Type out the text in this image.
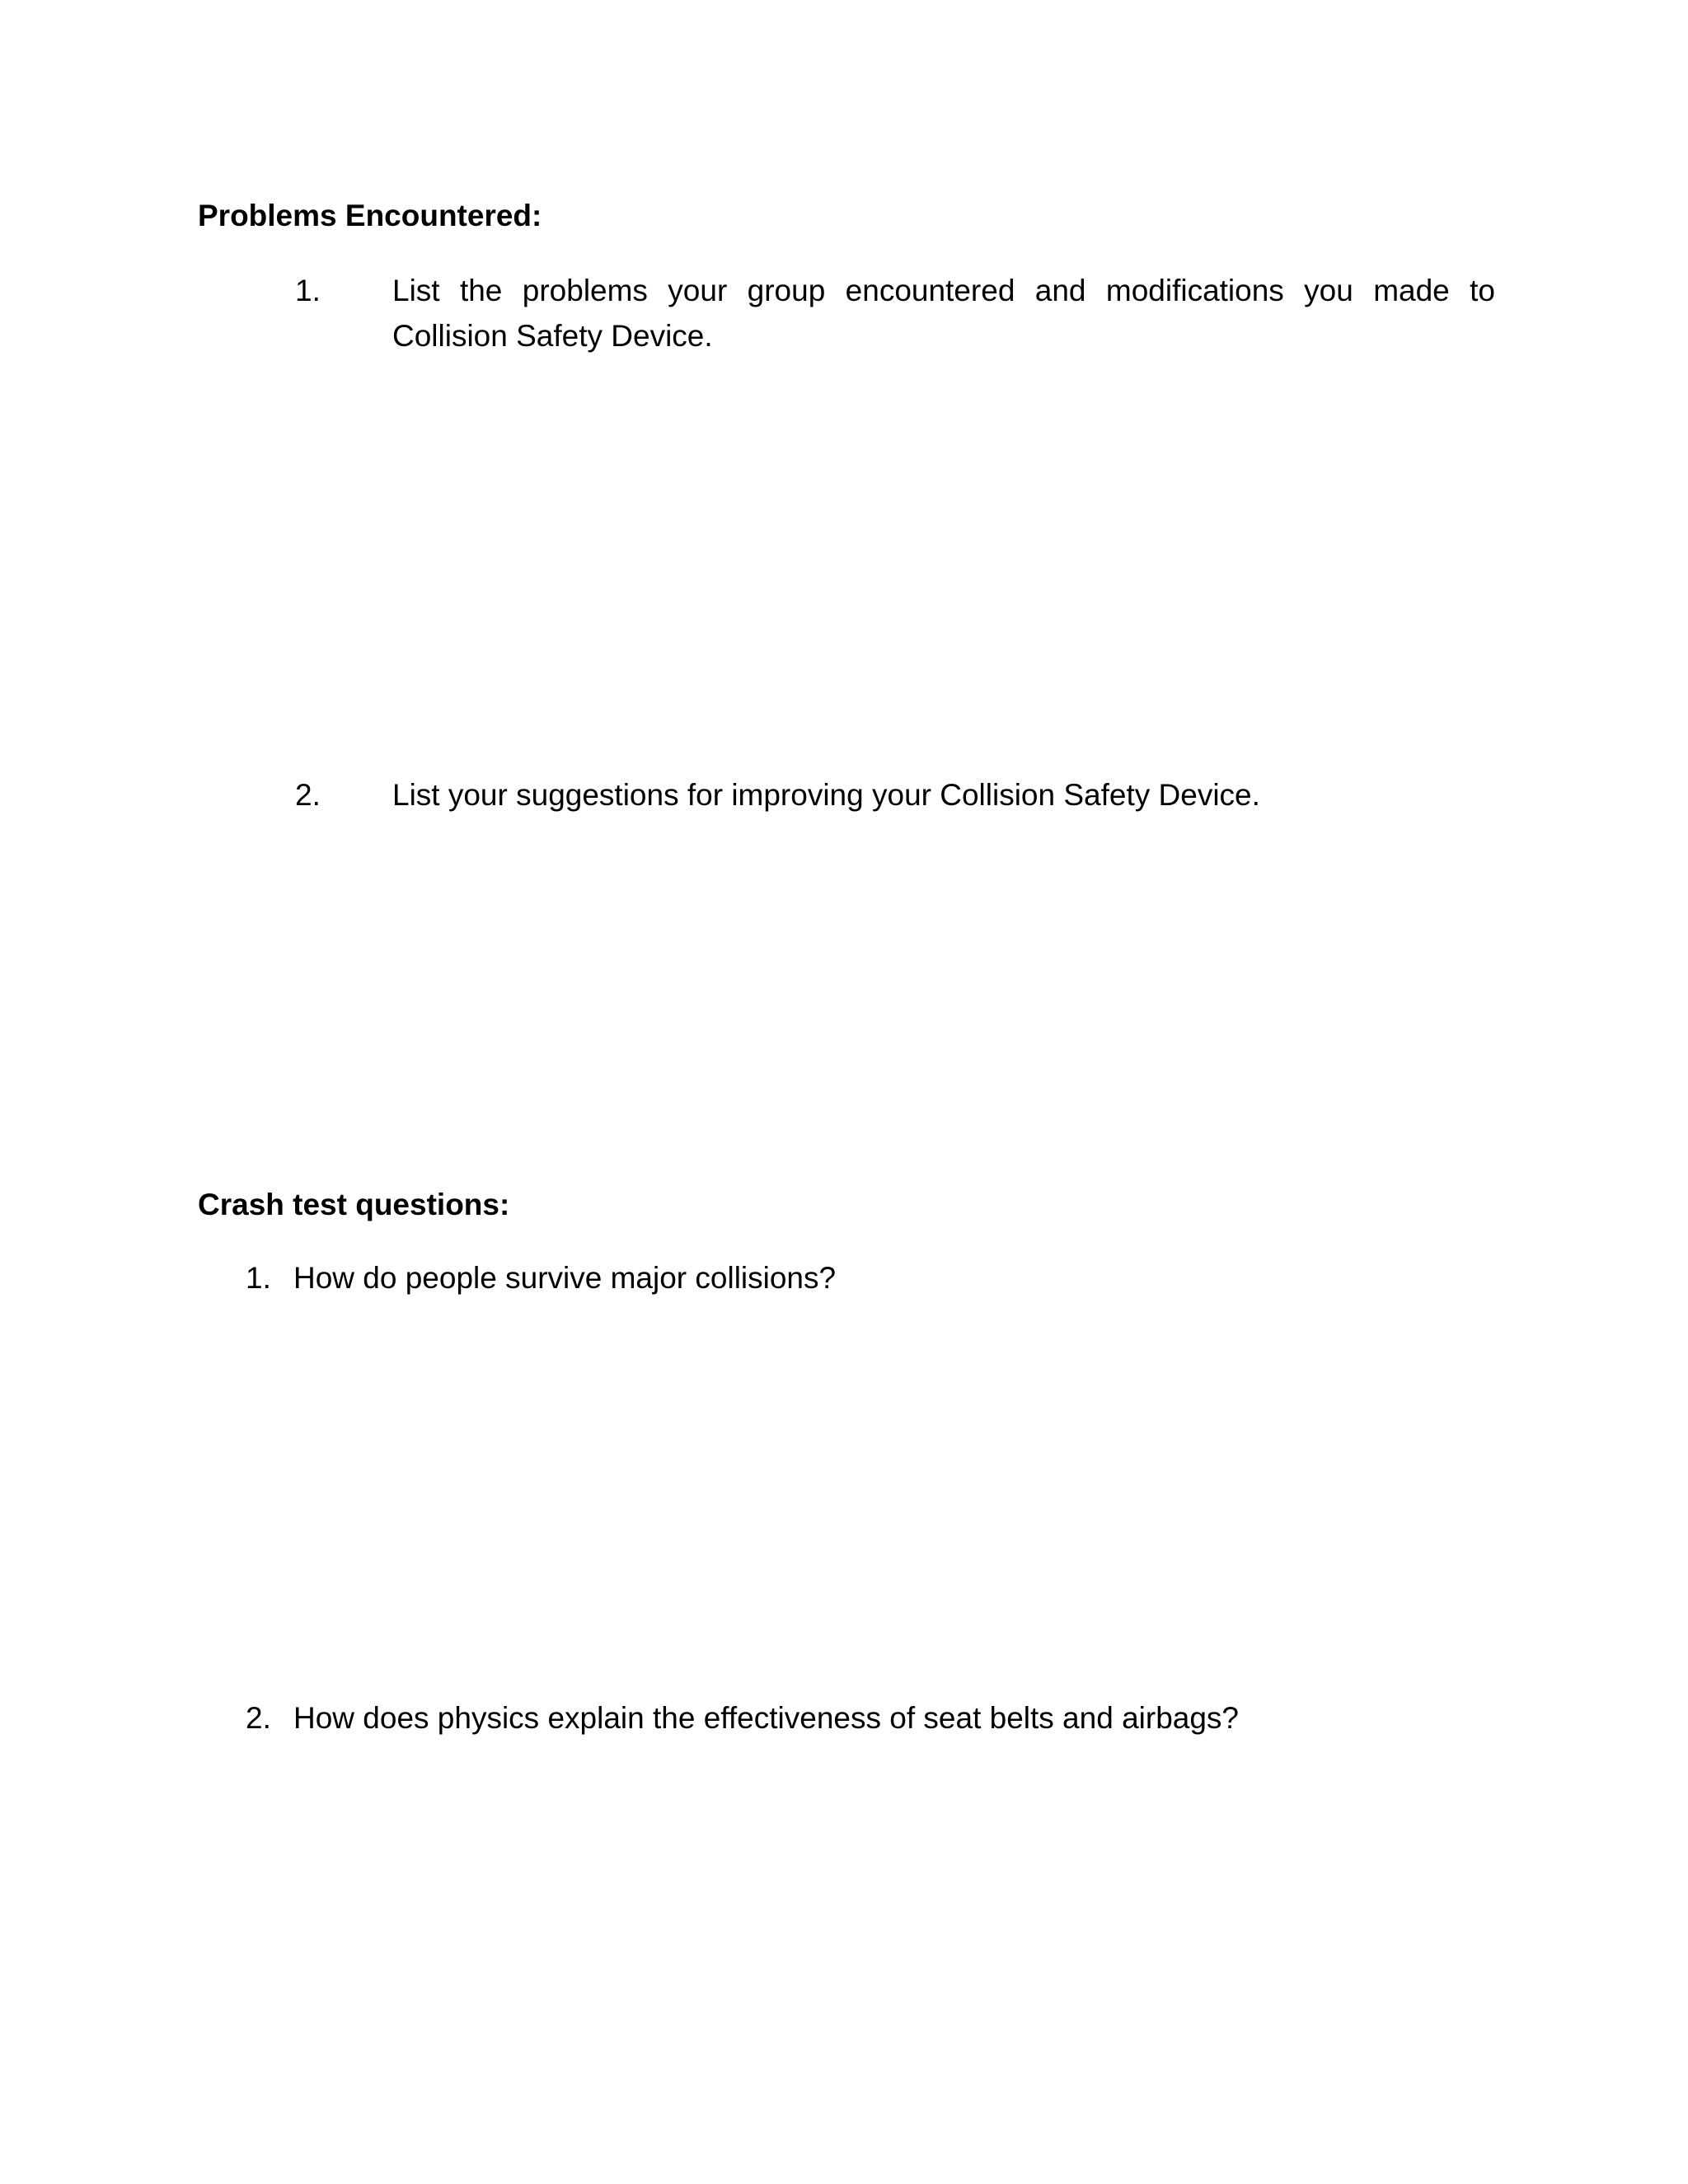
Problems Encountered:
1. List the problems your group encountered and modifications you made to Collision Safety Device.
2. List your suggestions for improving your Collision Safety Device.
Crash test questions:
1. How do people survive major collisions?
2. How does physics explain the effectiveness of seat belts and airbags?
